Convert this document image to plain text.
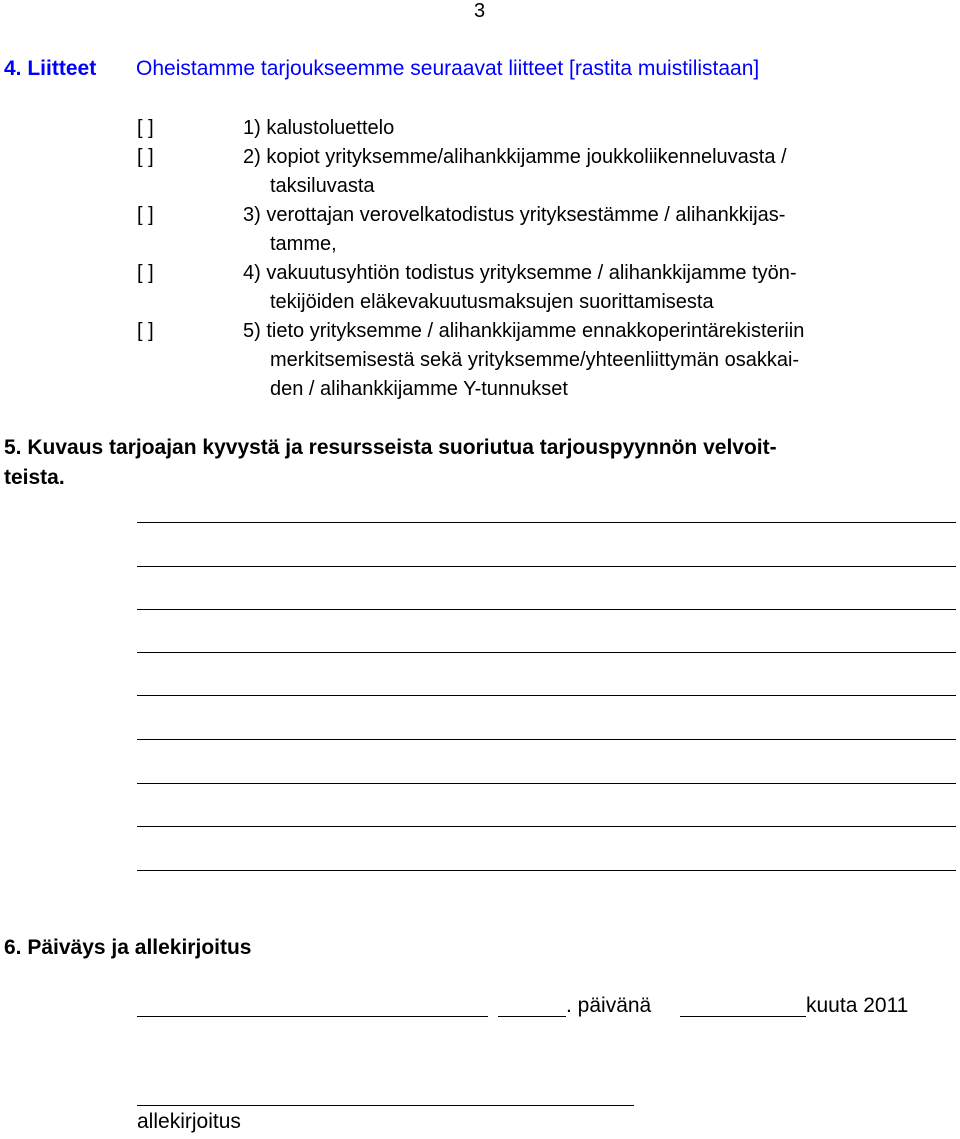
3
4. Liitteet Oheistamme tarjoukseemme seuraavat liitteet [rastita muistilistaan]
[ ]	1) kalustoluettelo
[ ]	2) kopiot yrityksemme/alihankkijamme joukkoliikenneluvasta /
taksiluvasta
[ ]	3) verottajan verovelkatodistus yrityksestämme / alihankkijas-
tamme,
[ ]	4) vakuutusyhtiön todistus yrityksemme / alihankkijamme työn-
tekijöiden eläkevakuutusmaksujen suorittamisesta
[ ]	5) tieto yrityksemme / alihankkijamme ennakkoperintärekisteriin
merkitsemisestä sekä yrityksemme/yhteenliittymän osakkai-
den / alihankkijamme Y-tunnukset
5. Kuvaus tarjoajan kyvystä ja resursseista suoriutua tarjouspyynnön velvoit-
teista.
6. Päiväys ja allekirjoitus
. päivänä	kuuta 2011
allekirjoitus
